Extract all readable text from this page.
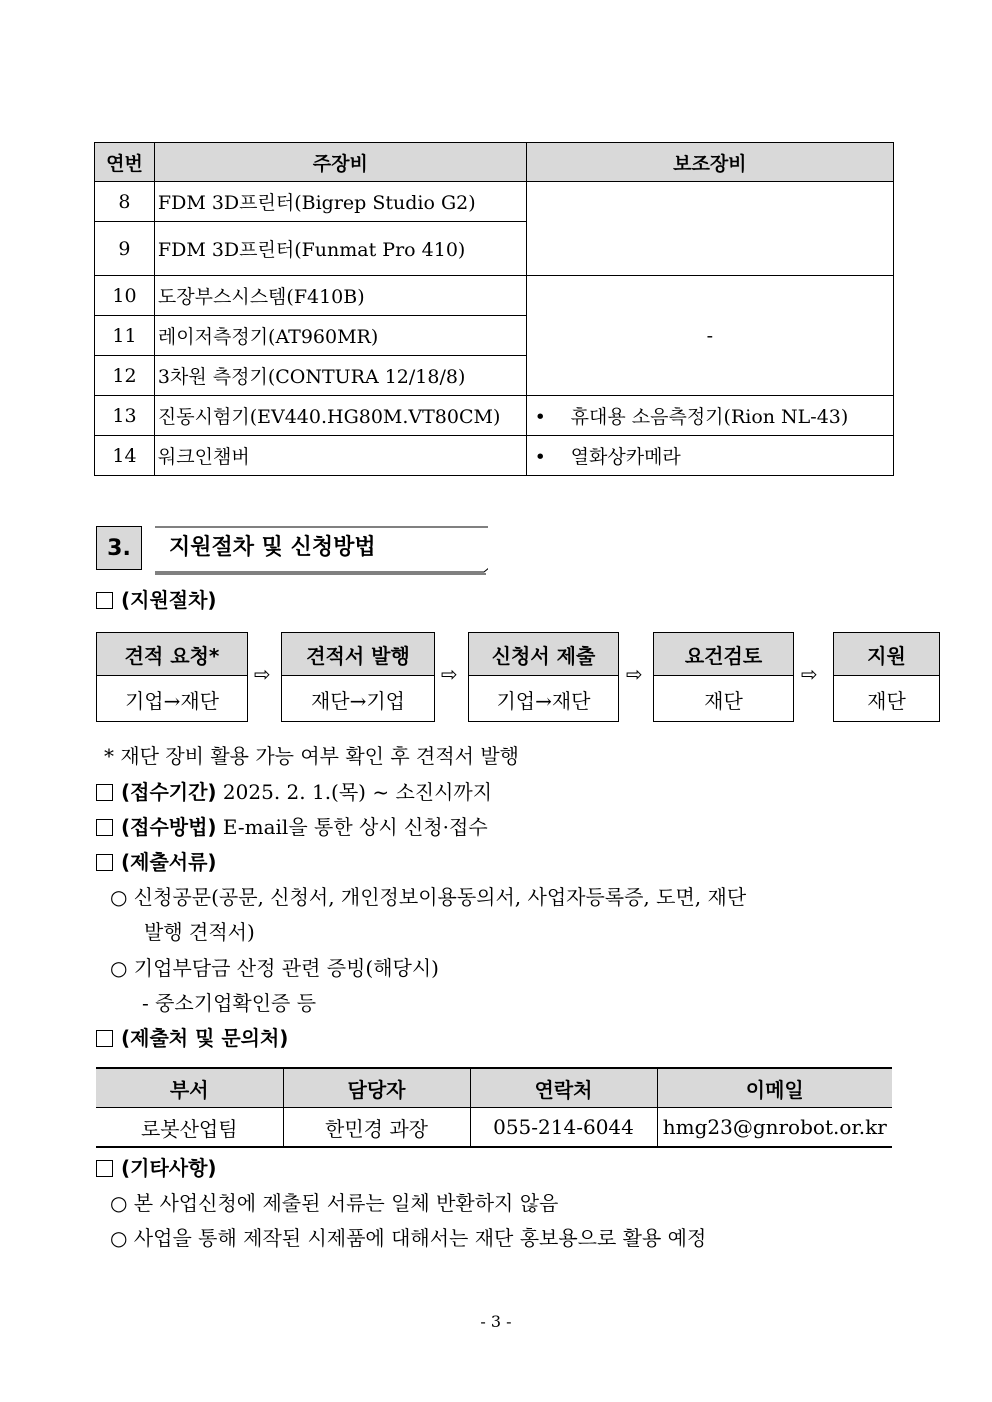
연번	주장비	보조장비
8	FDM 3D프린터(Bigrep Studio G2)	
9	FDM 3D프린터(Funmat Pro 410)	
10	도장부스시스템(F410B)	-
11	레이저측정기(AT960MR)	
12	3차원 측정기(CONTURA 12/18/8)	
13	진동시험기(EV440.HG80M.VT80CM)	• 휴대용 소음측정기(Rion NL-43)
14	워크인챔버	• 열화상카메라
3.	지원절차 및 신청방법
(지원절차)
견적 요청*
기업→재단
⇨
견적서 발행
재단→기업
⇨
신청서 제출
기업→재단
⇨
요건검토
재단
⇨
지원
재단
* 재단 장비 활용 가능 여부 확인 후 견적서 발행
(접수기간) 2025. 2. 1.(목) ~ 소진시까지
(접수방법) E-mail을 통한 상시 신청·접수
(제출서류)
○ 신청공문(공문, 신청서, 개인정보이용동의서, 사업자등록증, 도면, 재단
발행 견적서)
○ 기업부담금 산정 관련 증빙(해당시)
- 중소기업확인증 등
(제출처 및 문의처)
부서	담당자	연락처	이메일
로봇산업팀	한민경 과장	055-214-6044	hmg23@gnrobot.or.kr
(기타사항)
○ 본 사업신청에 제출된 서류는 일체 반환하지 않음
○ 사업을 통해 제작된 시제품에 대해서는 재단 홍보용으로 활용 예정
- 3 -
